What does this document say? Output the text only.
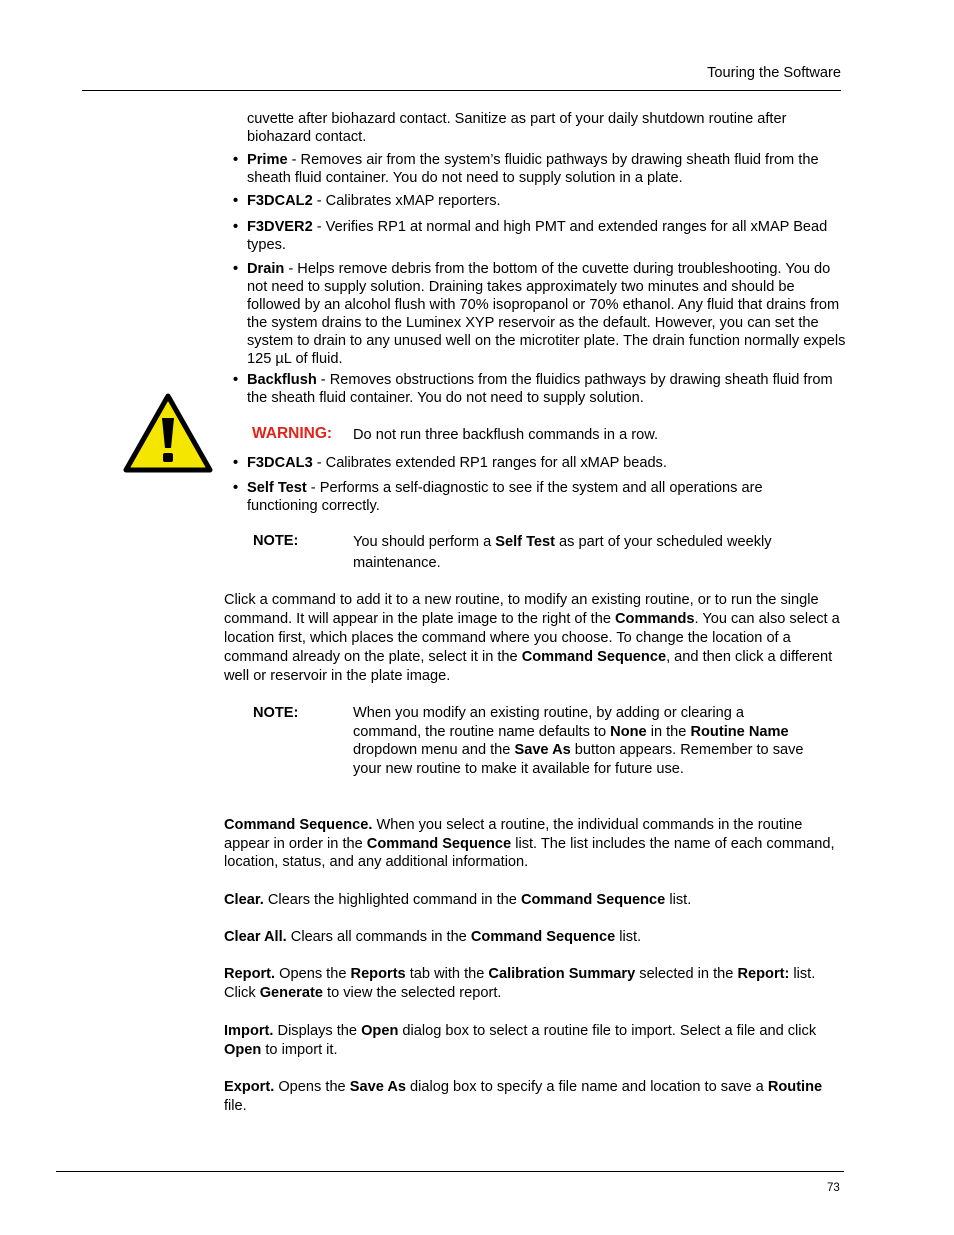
Touring the Software
cuvette after biohazard contact. Sanitize as part of your daily shutdown routine after biohazard contact.
• Prime - Removes air from the system’s fluidic pathways by drawing sheath fluid from the sheath fluid container. You do not need to supply solution in a plate.
• F3DCAL2 - Calibrates xMAP reporters.
• F3DVER2 - Verifies RP1 at normal and high PMT and extended ranges for all xMAP Bead types.
• Drain - Helps remove debris from the bottom of the cuvette during troubleshooting. You do not need to supply solution. Draining takes approximately two minutes and should be followed by an alcohol flush with 70% isopropanol or 70% ethanol. Any fluid that drains from the system drains to the Luminex XYP reservoir as the default. However, you can set the system to drain to any unused well on the microtiter plate. The drain function normally expels 125 µL of fluid.
• Backflush - Removes obstructions from the fluidics pathways by drawing sheath fluid from the sheath fluid container. You do not need to supply solution.
WARNING: Do not run three backflush commands in a row.
• F3DCAL3 - Calibrates extended RP1 ranges for all xMAP beads.
• Self Test - Performs a self-diagnostic to see if the system and all operations are functioning correctly.
NOTE:	You should perform a Self Test as part of your scheduled weekly maintenance.
Click a command to add it to a new routine, to modify an existing routine, or to run the single command. It will appear in the plate image to the right of the Commands. You can also select a location first, which places the command where you choose. To change the location of a command already on the plate, select it in the Command Sequence, and then click a different well or reservoir in the plate image.
NOTE:	When you modify an existing routine, by adding or clearing a command, the routine name defaults to None in the Routine Name dropdown menu and the Save As button appears. Remember to save your new routine to make it available for future use.
Command Sequence. When you select a routine, the individual commands in the routine appear in order in the Command Sequence list. The list includes the name of each command, location, status, and any additional information.
Clear. Clears the highlighted command in the Command Sequence list.
Clear All. Clears all commands in the Command Sequence list.
Report. Opens the Reports tab with the Calibration Summary selected in the Report: list. Click Generate to view the selected report.
Import. Displays the Open dialog box to select a routine file to import. Select a file and click Open to import it.
Export. Opens the Save As dialog box to specify a file name and location to save a Routine file.
73
